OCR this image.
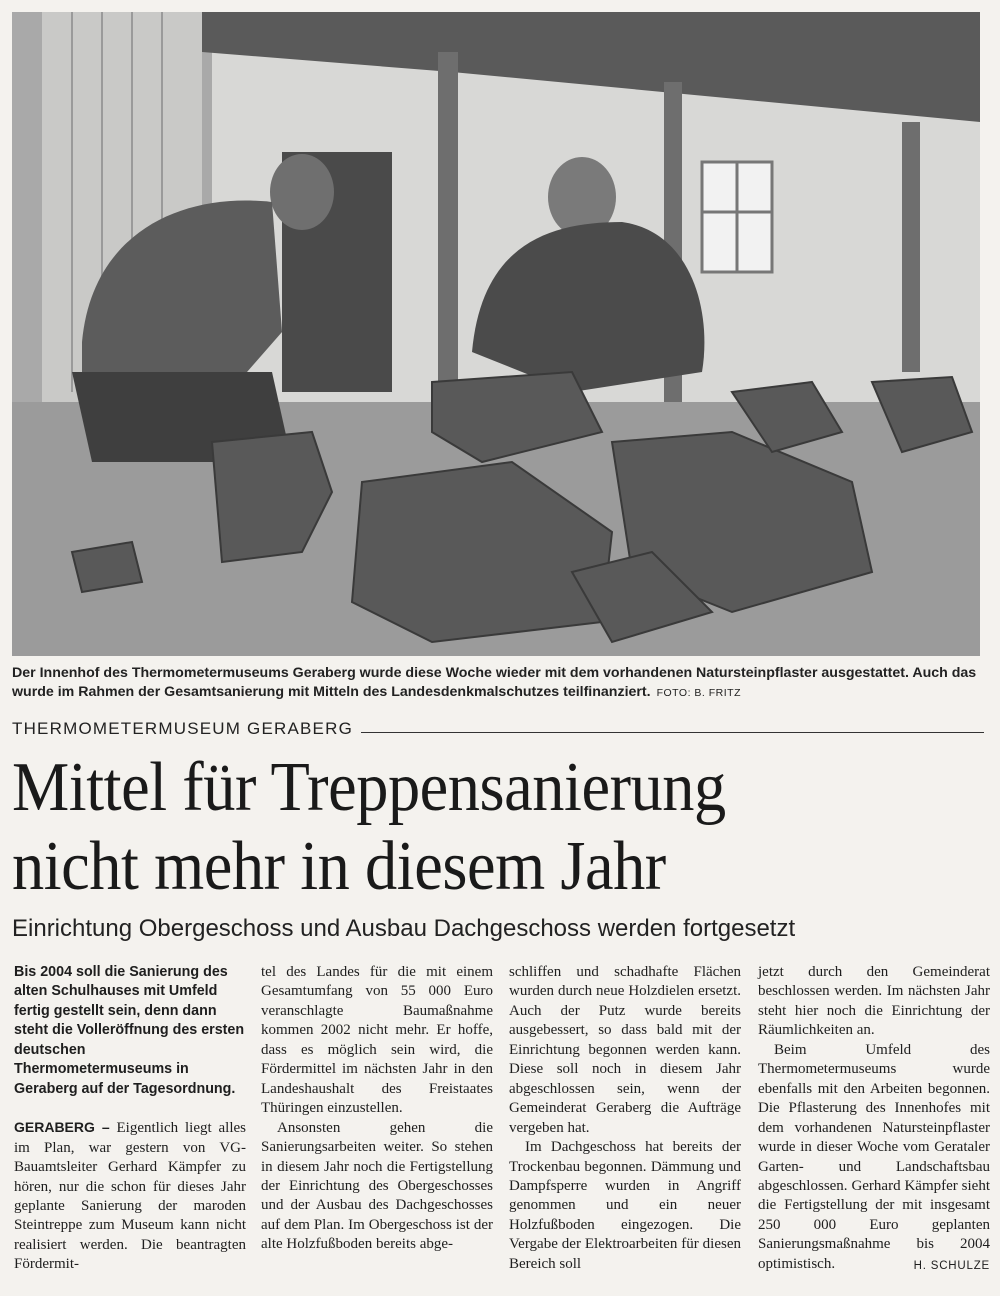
Der Innenhof des Thermometermuseums Geraberg wurde diese Woche wieder mit dem vorhandenen Natursteinpflaster ausgestattet. Auch das wurde im Rahmen der Gesamtsanierung mit Mitteln des Landesdenkmalschutzes teilfinanziert. FOTO: B. FRITZ
THERMOMETERMUSEUM GERABERG
Mittel für Treppensanierung
nicht mehr in diesem Jahr
Einrichtung Obergeschoss und Ausbau Dachgeschoss werden fortgesetzt

Bis 2004 soll die Sanierung des alten Schulhauses mit Umfeld fertig gestellt sein, denn dann steht die Volleröffnung des ersten deutschen Thermometermuseums in Geraberg auf der Tagesordnung.

GERABERG – Eigentlich liegt alles im Plan, war gestern von VG-Bauamtsleiter Gerhard Kämpfer zu hören, nur die schon für dieses Jahr geplante Sanierung der maroden Steintreppe zum Museum kann nicht realisiert werden. Die beantragten Fördermit-

tel des Landes für die mit einem Gesamtumfang von 55 000 Euro veranschlagte Baumaßnahme kommen 2002 nicht mehr. Er hoffe, dass es möglich sein wird, die Fördermittel im nächsten Jahr in den Landeshaushalt des Freistaates Thüringen einzustellen.

Ansonsten gehen die Sanierungsarbeiten weiter. So stehen in diesem Jahr noch die Fertigstellung der Einrichtung des Obergeschosses und der Ausbau des Dachgeschosses auf dem Plan. Im Obergeschoss ist der alte Holzfußboden bereits abge-

schliffen und schadhafte Flächen wurden durch neue Holzdielen ersetzt. Auch der Putz wurde bereits ausgebessert, so dass bald mit der Einrichtung begonnen werden kann. Diese soll noch in diesem Jahr abgeschlossen sein, wenn der Gemeinderat Geraberg die Aufträge vergeben hat.

Im Dachgeschoss hat bereits der Trockenbau begonnen. Dämmung und Dampfsperre wurden in Angriff genommen und ein neuer Holzfußboden eingezogen. Die Vergabe der Elektroarbeiten für diesen Bereich soll

jetzt durch den Gemeinderat beschlossen werden. Im nächsten Jahr steht hier noch die Einrichtung der Räumlichkeiten an.

Beim Umfeld des Thermometermuseums wurde ebenfalls mit den Arbeiten begonnen. Die Pflasterung des Innenhofes mit dem vorhandenen Natursteinpflaster wurde in dieser Woche vom Gerataler Garten- und Landschaftsbau abgeschlossen. Gerhard Kämpfer sieht die Fertigstellung der mit insgesamt 250 000 Euro geplanten Sanierungsmaßnahme bis 2004 optimistisch.	H. SCHULZE
